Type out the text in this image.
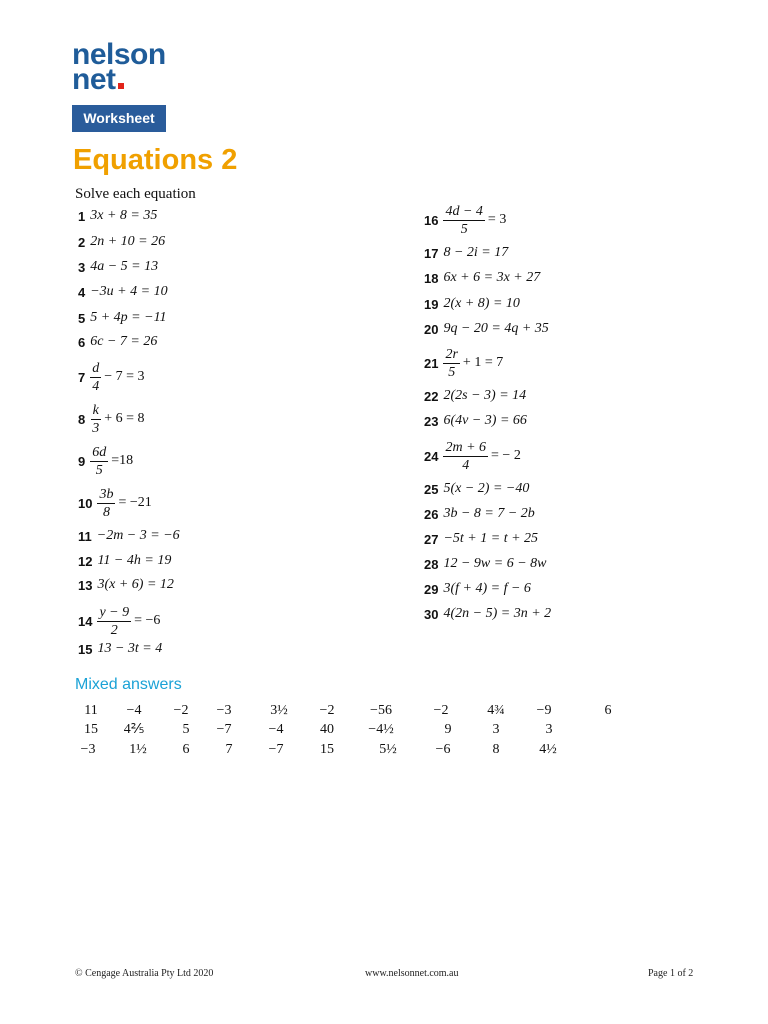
nelson
net
Worksheet
Equations 2
Solve each equation
1 3x + 8 = 35
2 2n + 10 = 26
3 4a − 5 = 13
4 −3u + 4 = 10
5 5 + 4p = −11
6 6c − 7 = 26
$7 \frac{d}{4} - 7 = 3$
$8 \frac{k}{3} + 6 = 8$
$9 \frac{6d}{5} =18$
$10 \frac{3b}{8} = -21$
11 −2m − 3 = −6
12 11 − 4h = 19
13 3(x + 6) = 12
$14 \frac{y - 9}{2} = -6$
15 13 − 3t = 4
$16 \frac{4d - 4}{5} = 3$
17 8 − 2i = 17
18 6x + 6 = 3x + 27
19 2(x + 8) = 10
20 9q − 20 = 4q + 35
$21 \frac{2r}{5} + 1 = 7$
22 2(2s − 3) = 14
23 6(4v − 3) = 66
$24 \frac{2m + 6}{4}$ = − 2
25 5(x − 2) = −40
26 3b − 8 = 7 − 2b
27 −5t + 1 = t + 25
28 12 − 9w = 6 − 8w
29 3(f + 4) = f − 6
30 4(2n − 5) = 3n + 2
Mixed answers
11	−4	−2	−3	3½	−2	−56	−2	4¾	−9	6
15	4⅖	5	−7	−4	40	−4½	9	3	3
−3	1½	6	7	−7	15	5½	−6	8	4½
© Cengage Australia Pty Ltd 2020	www.nelsonnet.com.au	Page 1 of 2
